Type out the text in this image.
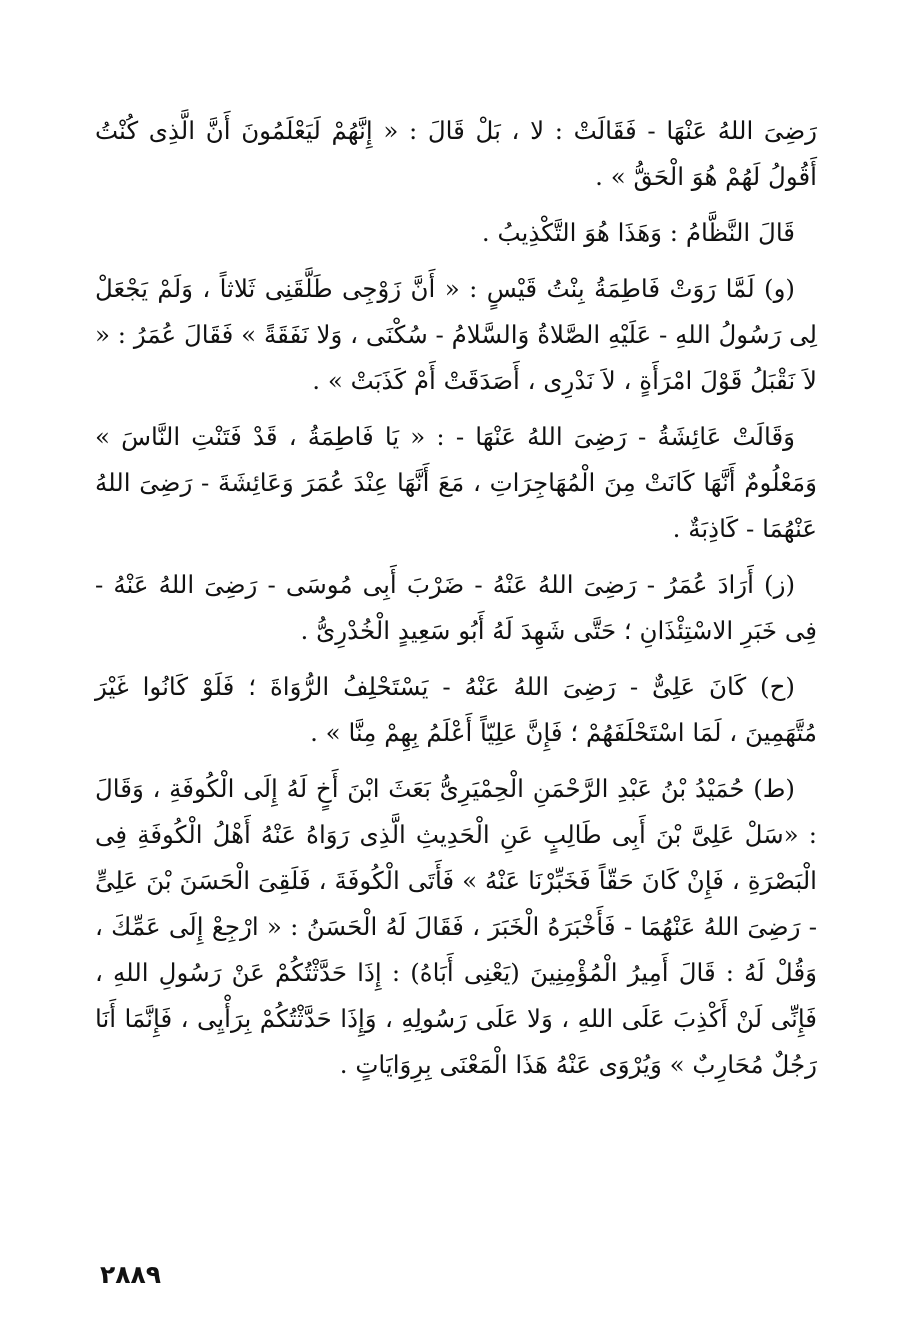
رَضِىَ اللهُ عَنْهَا - فَقَالَتْ : لا ، بَلْ قَالَ : « إِنَّهُمْ لَيَعْلَمُونَ أَنَّ الَّذِى كُنْتُ أَقُولُ لَهُمْ هُوَ الْحَقُّ » .

قَالَ النَّظَّامُ : وَهَذَا هُوَ التَّكْذِيبُ .

(و) لَمَّا رَوَتْ فَاطِمَةُ بِنْتُ قَيْسٍ : « أَنَّ زَوْجِى طَلَّقَنِى ثَلاثاً ، وَلَمْ يَجْعَلْ لِى رَسُولُ اللهِ - عَلَيْهِ الصَّلاةُ وَالسَّلامُ - سُكْنَى ، وَلا نَفَقَةً » فَقَالَ عُمَرُ : « لاَ نَقْبَلُ قَوْلَ امْرَأَةٍ ، لاَ نَدْرِى ، أَصَدَقَتْ أَمْ كَذَبَتْ » .

وَقَالَتْ عَائِشَةُ - رَضِىَ اللهُ عَنْهَا - : « يَا فَاطِمَةُ ، قَدْ فَتَنْتِ النَّاسَ » وَمَعْلُومٌ أَنَّهَا كَانَتْ مِنَ الْمُهَاجِرَاتِ ، مَعَ أَنَّهَا عِنْدَ عُمَرَ وَعَائِشَةَ - رَضِىَ اللهُ عَنْهُمَا - كَاذِبَةٌ .

(ز) أَرَادَ عُمَرُ - رَضِىَ اللهُ عَنْهُ - ضَرْبَ أَبِى مُوسَى - رَضِىَ اللهُ عَنْهُ - فِى خَبَرِ الاسْتِئْذَانِ ؛ حَتَّى شَهِدَ لَهُ أَبُو سَعِيدٍ الْخُدْرِىُّ .

(ح) كَانَ عَلِىٌّ - رَضِىَ اللهُ عَنْهُ - يَسْتَحْلِفُ الرُّوَاةَ ؛ فَلَوْ كَانُوا غَيْرَ مُتَّهَمِينَ ، لَمَا اسْتَحْلَفَهُمْ ؛ فَإِنَّ عَلِيّاً أَعْلَمُ بِهِمْ مِنَّا » .

(ط) حُمَيْدُ بْنُ عَبْدِ الرَّحْمَنِ الْحِمْيَرِىُّ بَعَثَ ابْنَ أَخٍ لَهُ إِلَى الْكُوفَةِ ، وَقَالَ : «سَلْ عَلِىَّ بْنَ أَبِى طَالِبٍ عَنِ الْحَدِيثِ الَّذِى رَوَاهُ عَنْهُ أَهْلُ الْكُوفَةِ فِى الْبَصْرَةِ ، فَإِنْ كَانَ حَقّاً فَخَبِّرْنَا عَنْهُ » فَأَتَى الْكُوفَةَ ، فَلَقِىَ الْحَسَنَ بْنَ عَلِىٍّ - رَضِىَ اللهُ عَنْهُمَا - فَأَخْبَرَهُ الْخَبَرَ ، فَقَالَ لَهُ الْحَسَنُ : « ارْجِعْ إِلَى عَمِّكَ ، وَقُلْ لَهُ : قَالَ أَمِيرُ الْمُؤْمِنِينَ (يَعْنِى أَبَاهُ) : إِذَا حَدَّثْتُكُمْ عَنْ رَسُولِ اللهِ ، فَإِنِّى لَنْ أَكْذِبَ عَلَى اللهِ ، وَلا عَلَى رَسُولِهِ ، وَإِذَا حَدَّثْتُكُمْ بِرَأْيِى ، فَإِنَّمَا أَنَا رَجُلٌ مُحَارِبٌ » وَيُرْوَى عَنْهُ هَذَا الْمَعْنَى بِرِوَايَاتٍ .

٢٨٨٩
